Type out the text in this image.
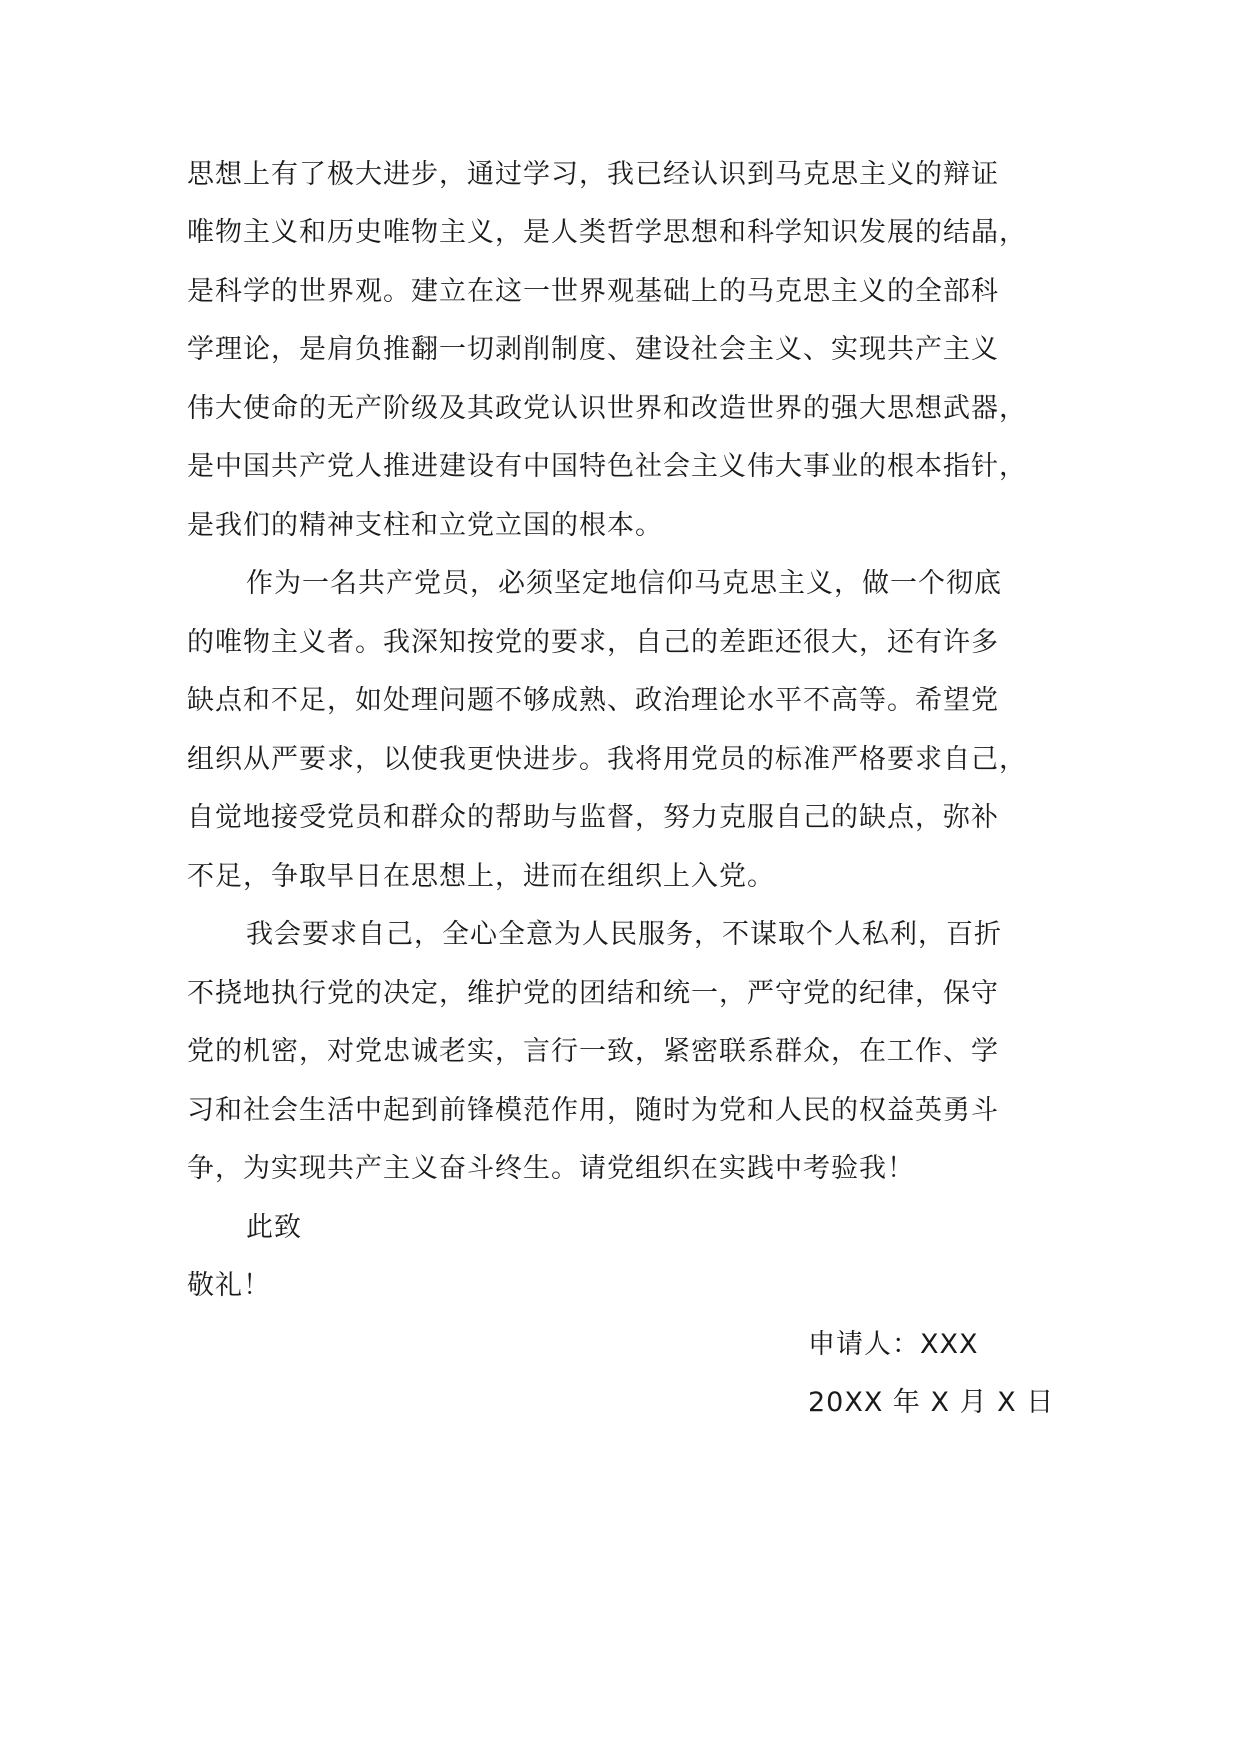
思想上有了极大进步，通过学习，我已经认识到马克思主义的辩证
唯物主义和历史唯物主义，是人类哲学思想和科学知识发展的结晶，
是科学的世界观。建立在这一世界观基础上的马克思主义的全部科
学理论，是肩负推翻一切剥削制度、建设社会主义、实现共产主义
伟大使命的无产阶级及其政党认识世界和改造世界的强大思想武器，
是中国共产党人推进建设有中国特色社会主义伟大事业的根本指针，
是我们的精神支柱和立党立国的根本。
作为一名共产党员，必须坚定地信仰马克思主义，做一个彻底
的唯物主义者。我深知按党的要求，自己的差距还很大，还有许多
缺点和不足，如处理问题不够成熟、政治理论水平不高等。希望党
组织从严要求，以使我更快进步。我将用党员的标准严格要求自己，
自觉地接受党员和群众的帮助与监督，努力克服自己的缺点，弥补
不足，争取早日在思想上，进而在组织上入党。
我会要求自己，全心全意为人民服务，不谋取个人私利，百折
不挠地执行党的决定，维护党的团结和统一，严守党的纪律，保守
党的机密，对党忠诚老实，言行一致，紧密联系群众，在工作、学
习和社会生活中起到前锋模范作用，随时为党和人民的权益英勇斗
争，为实现共产主义奋斗终生。请党组织在实践中考验我！
此致
敬礼！
申请人：XXX
20XX 年 X 月 X 日
